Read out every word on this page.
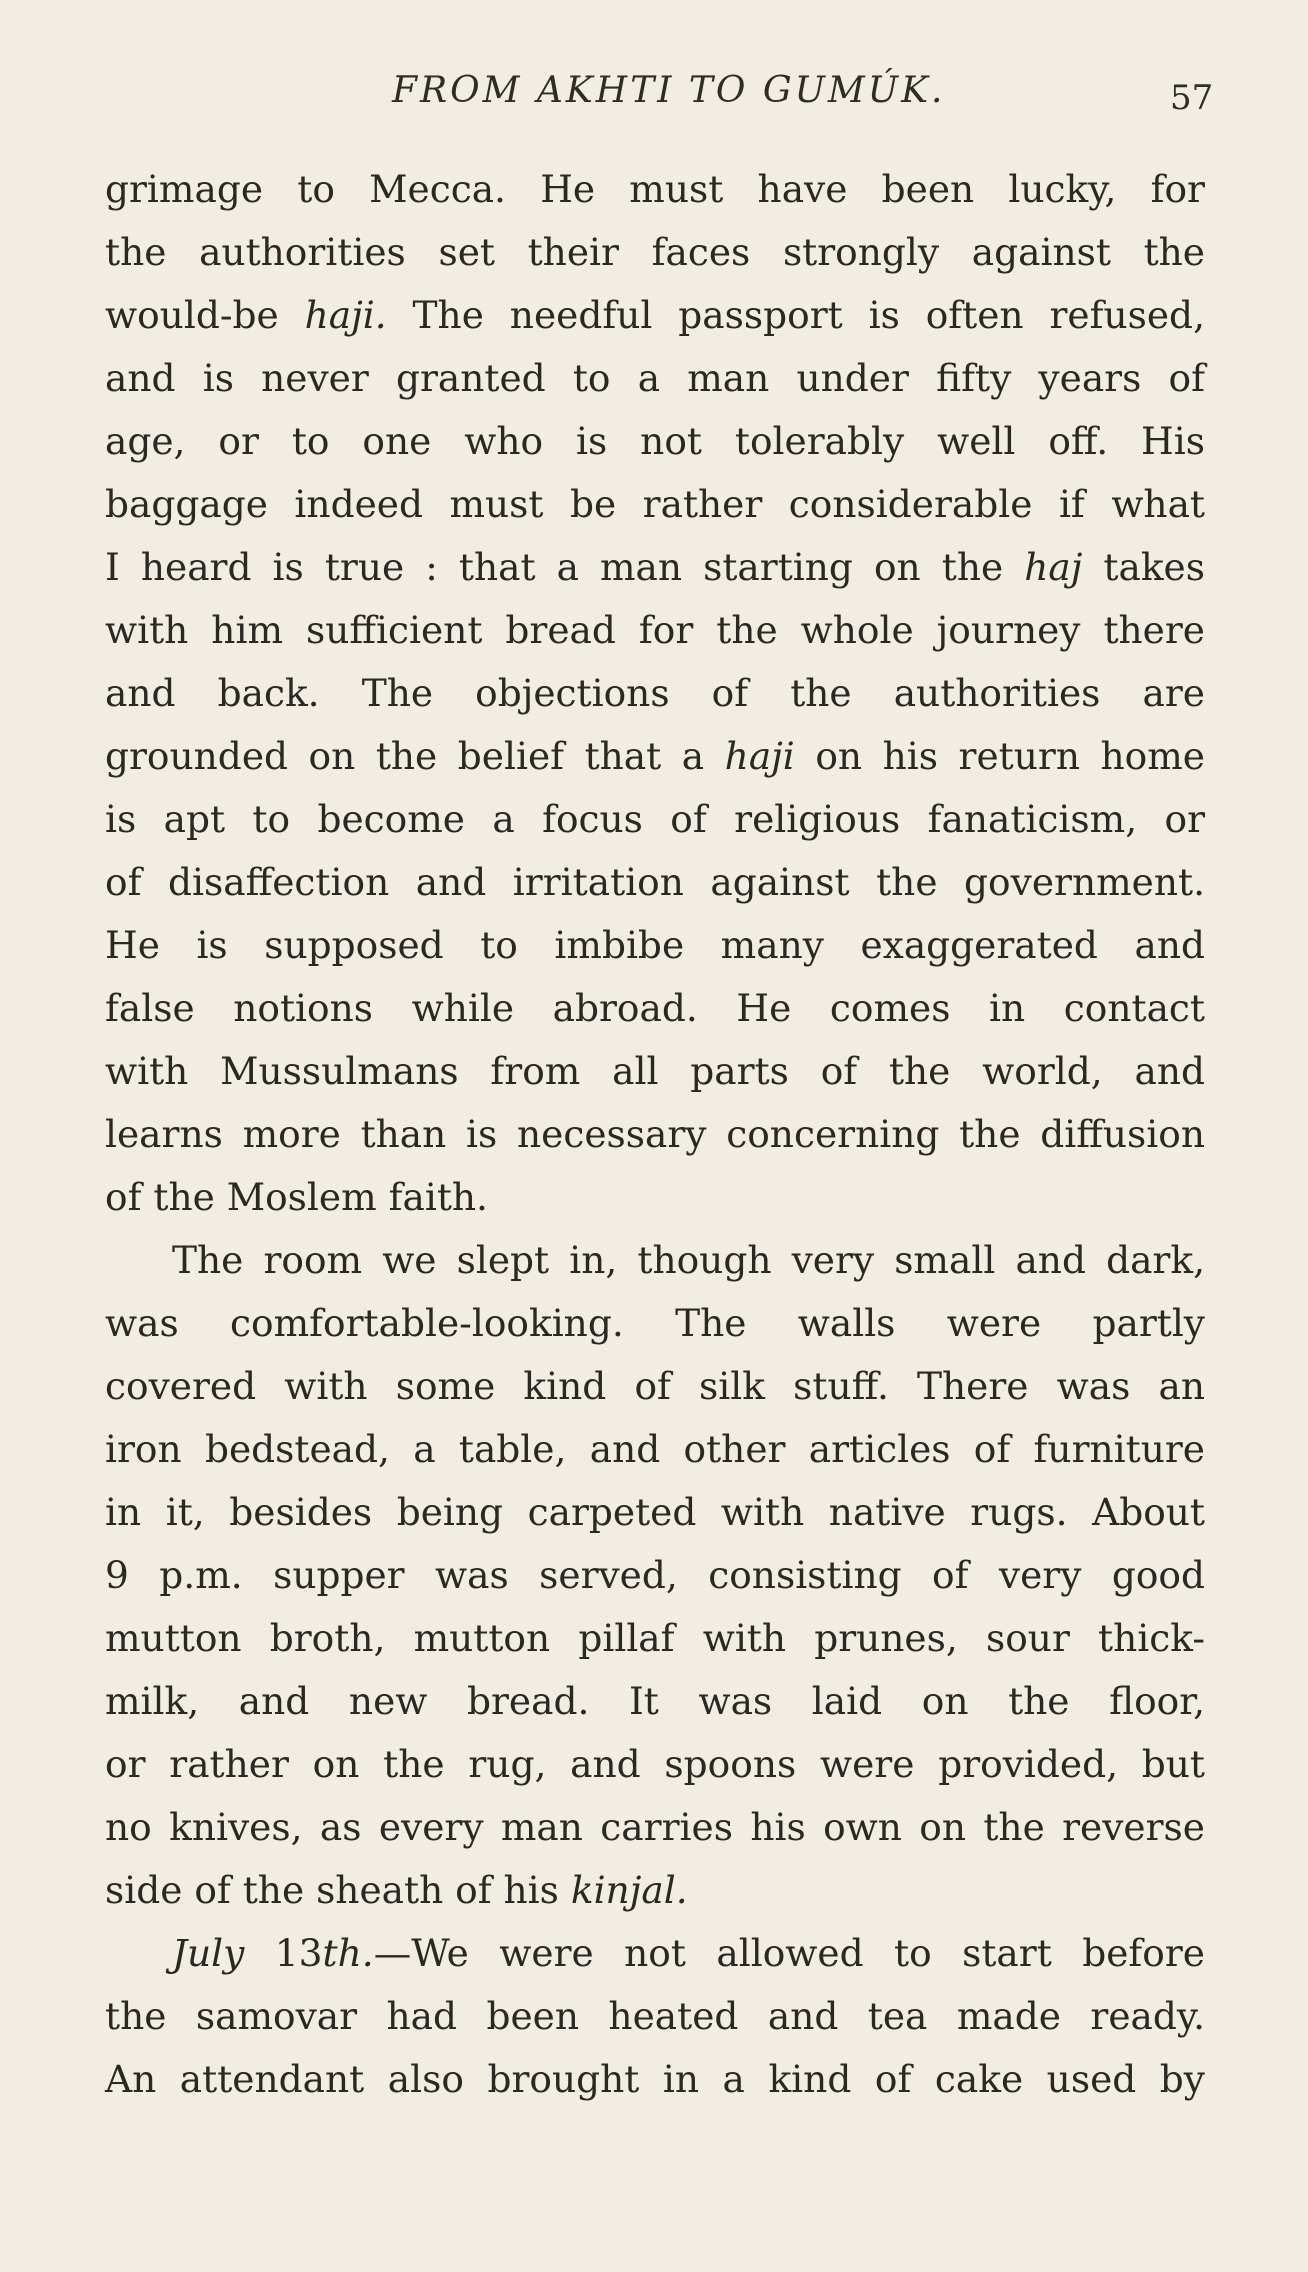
FROM AKHTI TO GUMÚK.	57
grimage to Mecca. He must have been lucky, for
the authorities set their faces strongly against the
would-be haji. The needful passport is often refused,
and is never granted to a man under fifty years of
age, or to one who is not tolerably well off. His
baggage indeed must be rather considerable if what
I heard is true : that a man starting on the haj takes
with him sufficient bread for the whole journey there
and back. The objections of the authorities are
grounded on the belief that a haji on his return home
is apt to become a focus of religious fanaticism, or
of disaffection and irritation against the government.
He is supposed to imbibe many exaggerated and
false notions while abroad. He comes in contact
with Mussulmans from all parts of the world, and
learns more than is necessary concerning the diffusion
of the Moslem faith.
The room we slept in, though very small and dark,
was comfortable-looking. The walls were partly
covered with some kind of silk stuff. There was an
iron bedstead, a table, and other articles of furniture
in it, besides being carpeted with native rugs. About
9 p.m. supper was served, consisting of very good
mutton broth, mutton pillaf with prunes, sour thick-
milk, and new bread. It was laid on the floor,
or rather on the rug, and spoons were provided, but
no knives, as every man carries his own on the reverse
side of the sheath of his kinjal.
July 13th.—We were not allowed to start before
the samovar had been heated and tea made ready.
An attendant also brought in a kind of cake used by
